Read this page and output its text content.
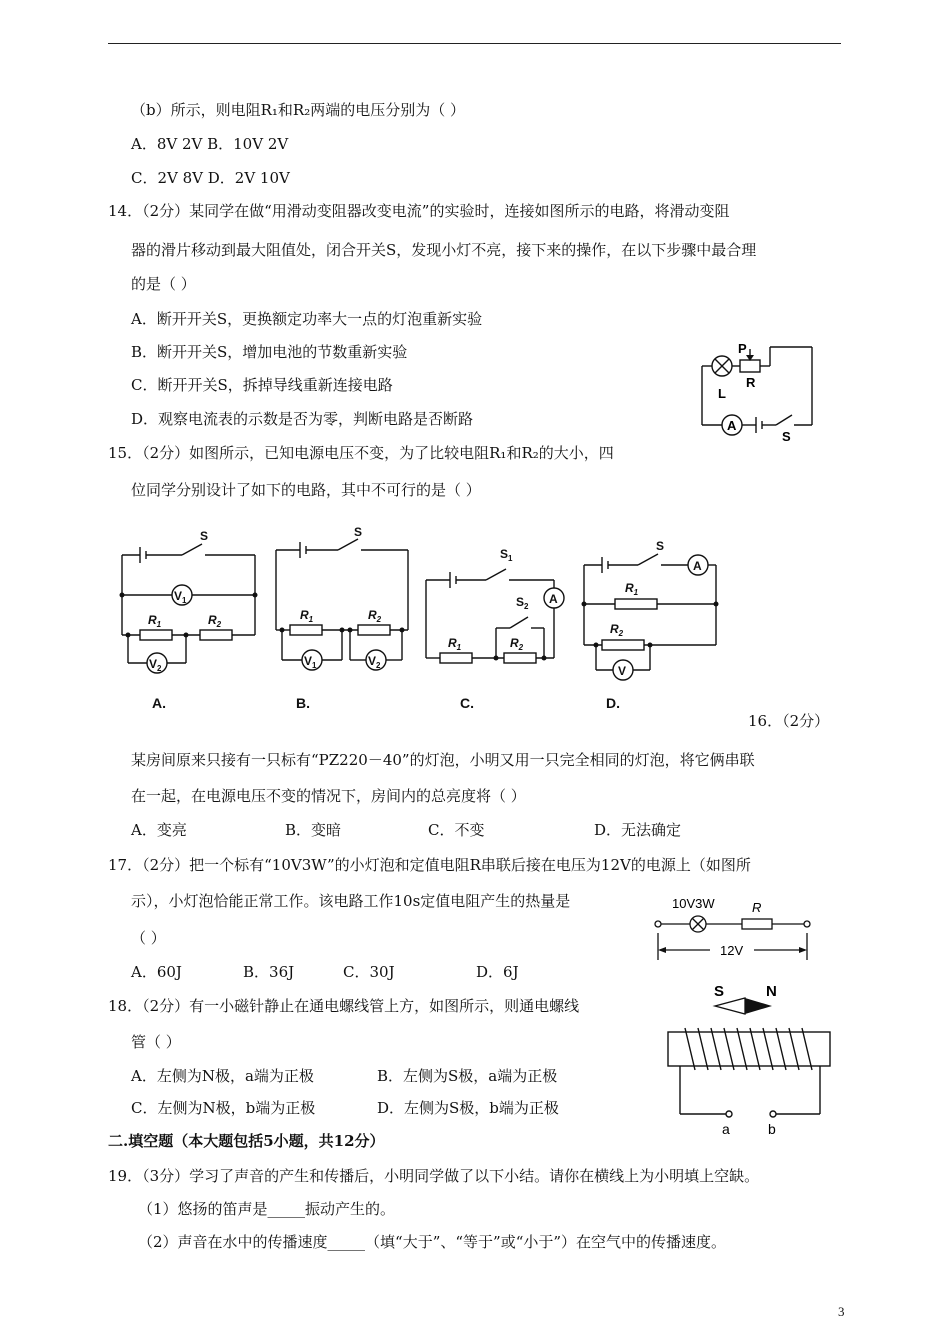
（b）所示，则电阻R₁和R₂两端的电压分别为（ ）
A．8V 2V B．10V 2V
C．2V 8V D．2V 10V
14．（2分）某同学在做“用滑动变阻器改变电流”的实验时，连接如图所示的电路，将滑动变阻
器的滑片移动到最大阻值处，闭合开关S，发现小灯不亮，接下来的操作，在以下步骤中最合理
的是（ ）
A．断开开关S，更换额定功率大一点的灯泡重新实验
B．断开开关S，增加电池的节数重新实验
C．断开开关S，拆掉导线重新连接电路
D．观察电流表的示数是否为零，判断电路是否断路
P
R
L
A
S
15．（2分）如图所示，已知电源电压不变，为了比较电阻R₁和R₂的大小，四
位同学分别设计了如下的电路，其中不可行的是（ ）
S
$V_1$
$R_1$	$R_2$
$V_2$
S
$R_1$	$R_2$
$V_1$	$V_2$
$S_1$
$S_2$
A
$R_1$	$R_2$
S
A
$R_1$
$R_2$
V
A.	B.	C.	D.
16．（2分）
某房间原来只接有一只标有“PZ220－40”的灯泡，小明又用一只完全相同的灯泡，将它俩串联
在一起，在电源电压不变的情况下，房间内的总亮度将（ ）
A．变亮	B．变暗	C．不变	D．无法确定
17．（2分）把一个标有“10V3W”的小灯泡和定值电阻R串联后接在电压为12V的电源上（如图所
示），小灯泡恰能正常工作。该电路工作10s定值电阻产生的热量是
（ ）
A．60J	B．36J	C．30J	D．6J
10V3W	R
12V
18．（2分）有一小磁针静止在通电螺线管上方，如图所示，则通电螺线
管（ ）
A．左侧为N极，a端为正极	B．左侧为S极，a端为正极
C．左侧为N极，b端为正极	D．左侧为S极，b端为正极
S	N
a	b
二.填空题（本大题包括5小题，共12分）
19．（3分）学习了声音的产生和传播后，小明同学做了以下小结。请你在横线上为小明填上空缺。
（1）悠扬的笛声是_____振动产生的。
（2）声音在水中的传播速度_____（填“大于”、“等于”或“小于”）在空气中的传播速度。
3
